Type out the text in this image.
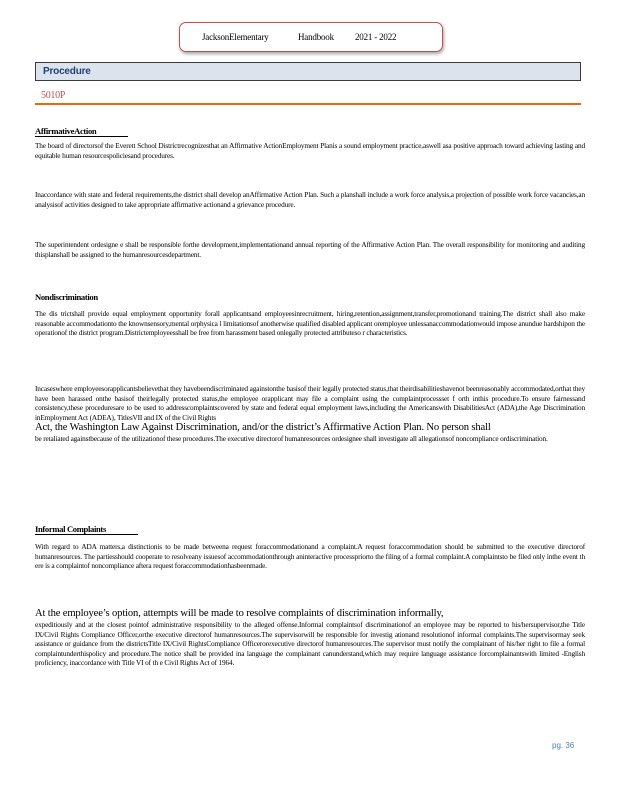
JacksonElementary	Handbook 2021 - 2022
Procedure
5010P
AffirmativeAction
The board of directorsof the Everett School Districtrecognizesthat an Affirmative ActionEmployment Planis a sound employment practice,aswell asa positive approach toward achieving lasting and equitable human resourcespoliciesand procedures.
Inaccordance with state and federal requirements,the district shall develop anAffirmative Action Plan. Such a planshall include a work force analysis,a projection of possible work force vacancies,an analysisof activities designed to take appropriate affirmative actionand a grievance procedure.
The superintendent ordesigne e shall be responsible forthe development,implementationand annual reporting of the Affirmative Action Plan. The overall responsibility for monitoring and auditing thisplanshall be assigned to the humanresourcesdepartment.
Nondiscrimination
The dis trictshall provide equal employment opportunity forall applicantsand employeesinrecruitment, hiring,retention,assignment,transfer,promotionand training.The district shall also make reasonable accommodationto the knownsensory,mental orphysica l limitationsof anotherwise qualified disabled applicant oremployee unlessanaccommodationwould impose anundue hardshipon the operationof the district program.Districtemployeesshall be free from harassment based onlegally protected attributeso r characteristics.
Incaseswhere employeesorapplicantsbelievethat they havebeendiscriminated againstonthe basisof their legally protected status,that theirdisabilitieshavenot beenreasonably accommodated,orthat they have been harassed onthe basisof theirlegally protected status,the employee orapplicant may file a complaint using the complaintprocessset f orth inthis procedure.To ensure fairnessand consistency,these proceduresare to be used to addresscomplaintscovered by state and federal equal employment laws,including the Americanswith DisabilitiesAct (ADA),the Age Discrimination inEmployment Act (ADEA), TitlesVII and IX of the Civil Rights
Act, the Washington Law Against Discrimination, and/or the district’s Affirmative Action Plan. No person shall
be retaliated againstbecause of the utilizationof these procedures.The executive directorof humanresources ordesignee shall investigate all allegationsof noncompliance ordiscrimination.
Informal Complaints
With regard to ADA matters,a distinctionis to be made betweena request foraccommodationand a complaint.A request foraccommodation should be submitted to the executive directorof humanresources. The partiesshould cooperate to resolveany issuesof accommodationthrough aninteractive processpriorto the filing of a formal complaint.A complaintsto be filed only inthe event th ere is a complaintof noncompliance aftera request foraccommodationhasbeenmade.
At the employee’s option, attempts will be made to resolve complaints of discrimination informally,
expeditiously and at the closest pointof administrative responsibility to the alleged offense.Informal complaintsof discriminationof an employee may be reported to his/hersupervisor,the Title IX/Civil Rights Compliance Officer,orthe executive directorof humanresources.The supervisorwill be responsible for investig ationand resolutionof informal complaints.The supervisormay seek assistance or guidance from the districtsTitle IX/Civil RightsCompliance Officerorexecutive directorof humanresources.The supervisor must notify the complainant of his/her right to file a formal complaintunderthispolicy and procedure.The notice shall be provided ina language the complainant canunderstand,which may require language assistance forcomplainantswith limited -English proficiency, inaccordance with Title VI of th e Civil Rights Act of 1964.
pg. 36
